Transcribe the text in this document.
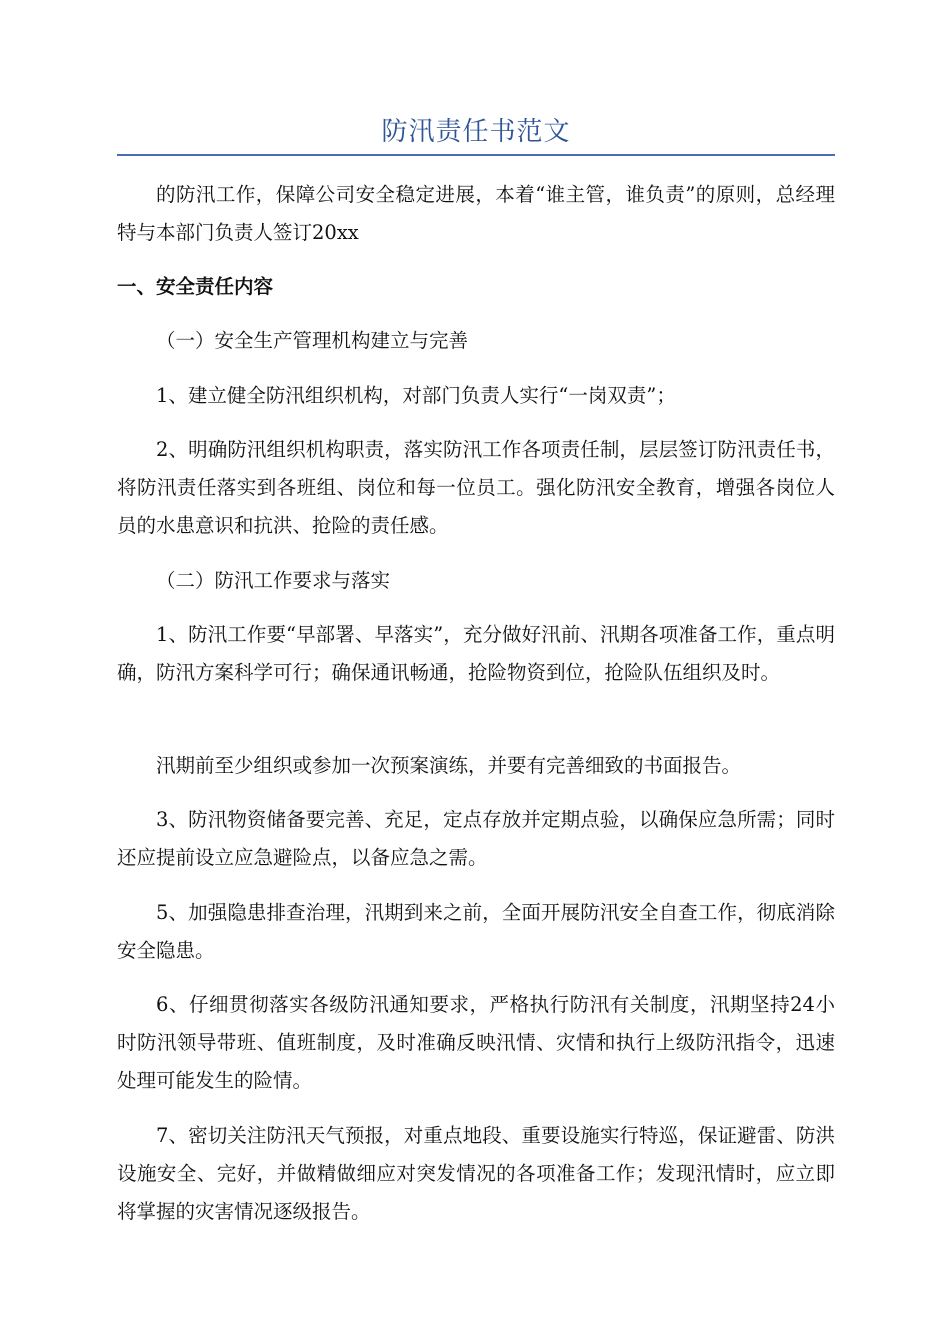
防汛责任书范文

的防汛工作，保障公司安全稳定进展，本着“谁主管，谁负责”的原则，总经理特与本部门负责人签订20xx

一、安全责任内容

（一）安全生产管理机构建立与完善

1、建立健全防汛组织机构，对部门负责人实行“一岗双责”；

2、明确防汛组织机构职责，落实防汛工作各项责任制，层层签订防汛责任书，将防汛责任落实到各班组、岗位和每一位员工。强化防汛安全教育，增强各岗位人员的水患意识和抗洪、抢险的责任感。

（二）防汛工作要求与落实

1、防汛工作要“早部署、早落实”，充分做好汛前、汛期各项准备工作，重点明确，防汛方案科学可行；确保通讯畅通，抢险物资到位，抢险队伍组织及时。

汛期前至少组织或参加一次预案演练，并要有完善细致的书面报告。

3、防汛物资储备要完善、充足，定点存放并定期点验，以确保应急所需；同时还应提前设立应急避险点，以备应急之需。

5、加强隐患排查治理，汛期到来之前，全面开展防汛安全自查工作，彻底消除安全隐患。

6、仔细贯彻落实各级防汛通知要求，严格执行防汛有关制度，汛期坚持24小时防汛领导带班、值班制度，及时准确反映汛情、灾情和执行上级防汛指令，迅速处理可能发生的险情。

7、密切关注防汛天气预报，对重点地段、重要设施实行特巡，保证避雷、防洪设施安全、完好，并做精做细应对突发情况的各项准备工作；发现汛情时，应立即将掌握的灾害情况逐级报告。
